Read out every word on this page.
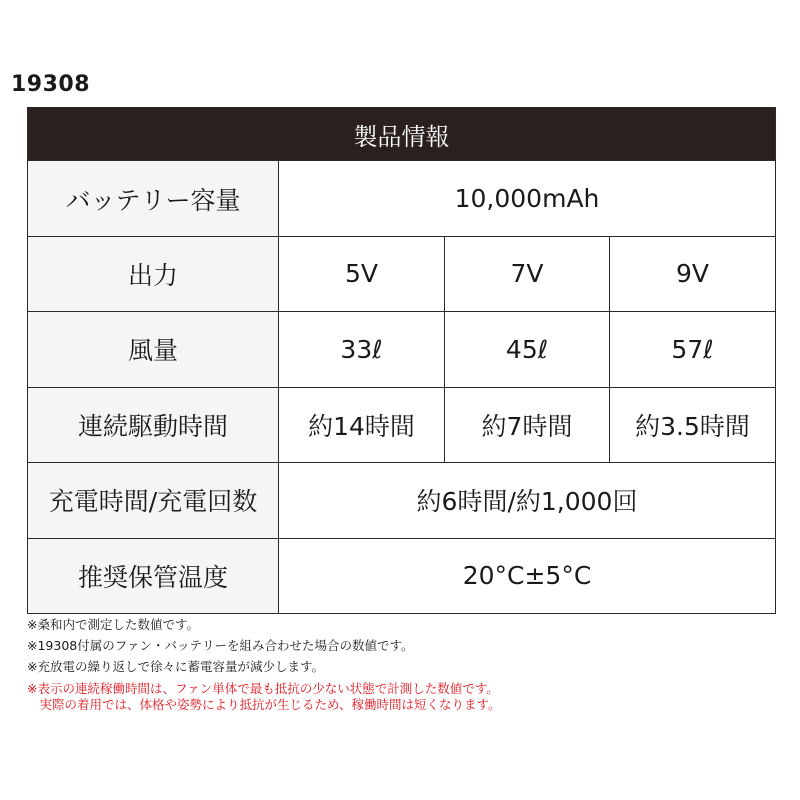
19308
製品情報			
バッテリー容量	10,000mAh		
出力	5V	7V	9V
風量	33ℓ	45ℓ	57ℓ
連続駆動時間	約14時間	約7時間	約3.5時間
充電時間/充電回数	約6時間/約1,000回		
推奨保管温度	20°C±5°C		
※桑和内で測定した数値です。
※19308付属のファン・バッテリーを組み合わせた場合の数値です。
※充放電の繰り返しで徐々に蓄電容量が減少します。
※表示の連続稼働時間は、ファン単体で最も抵抗の少ない状態で計測した数値です。
　実際の着用では、体格や姿勢により抵抗が生じるため、稼働時間は短くなります。
